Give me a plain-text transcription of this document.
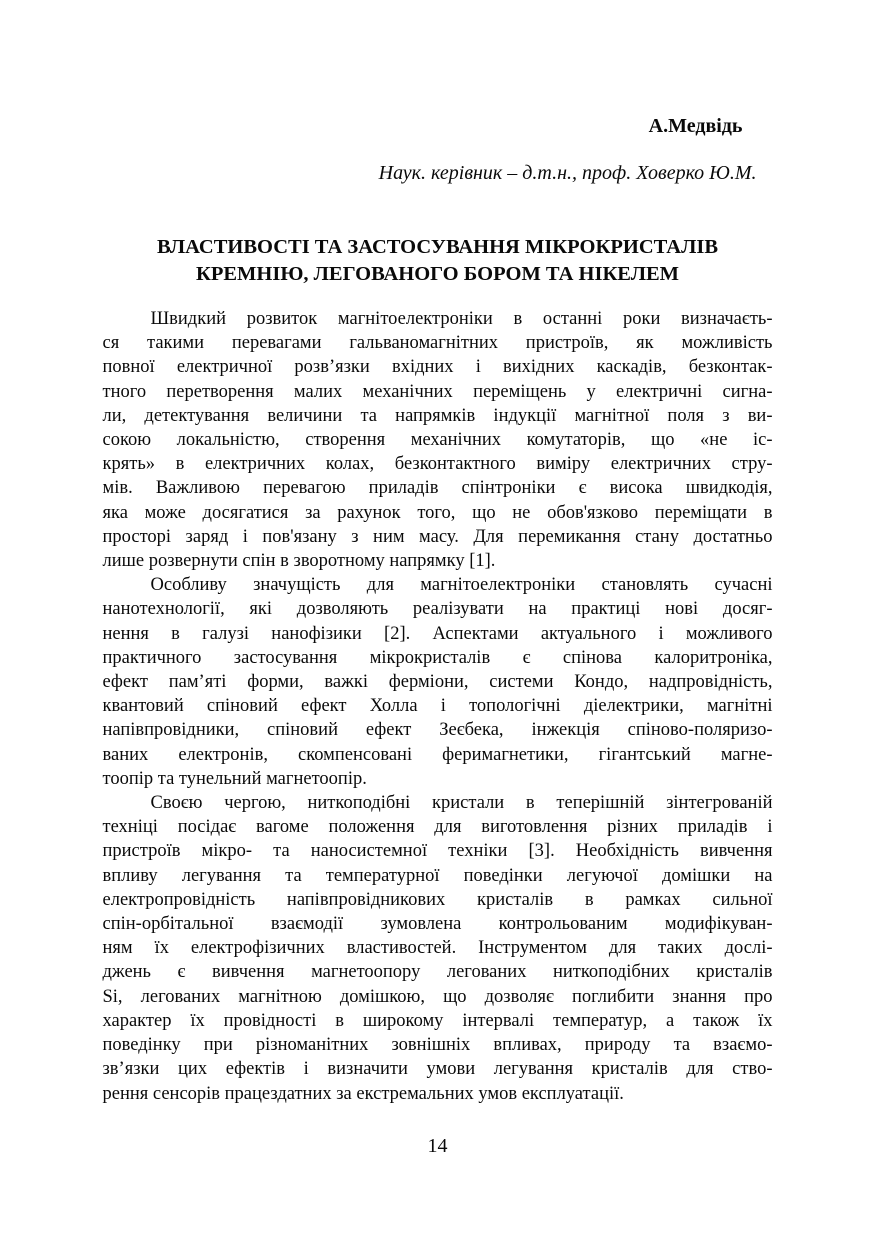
А.Медвідь
Наук. керівник – д.т.н., проф. Ховерко Ю.М.
ВЛАСТИВОСТІ ТА ЗАСТОСУВАННЯ МІКРОКРИСТАЛІВ
КРЕМНІЮ, ЛЕГОВАНОГО БОРОМ ТА НІКЕЛЕМ
Швидкий розвиток магнітоелектроніки в останні роки визначаєть-
ся такими перевагами гальваномагнітних пристроїв, як можливість
повної електричної розв’язки вхідних і вихідних каскадів, безконтак-
тного перетворення малих механічних переміщень у електричні сигна-
ли, детектування величини та напрямків індукції магнітної поля з ви-
сокою локальністю, створення механічних комутаторів, що «не іс-
крять» в електричних колах, безконтактного виміру електричних стру-
мів. Важливою перевагою приладів спінтроніки є висока швидкодія,
яка може досягатися за рахунок того, що не обов'язково переміщати в
просторі заряд і пов'язану з ним масу. Для перемикання стану достатньо
лише розвернути спін в зворотному напрямку [1].
Особливу значущість для магнітоелектроніки становлять сучасні
нанотехнології, які дозволяють реалізувати на практиці нові досяг-
нення в галузі нанофізики [2]. Аспектами актуального і можливого
практичного застосування мікрокристалів є спінова калоритроніка,
ефект пам’яті форми, важкі ферміони, системи Кондо, надпровідність,
квантовий спіновий ефект Холла і топологічні діелектрики, магнітні
напівпровідники, спіновий ефект Зеєбека, інжекція спіново-поляризо-
ваних електронів, скомпенсовані феримагнетики, гігантський магне-
тоопір та тунельний магнетоопір.
Своєю чергою, ниткоподібні кристали в теперішній зінтегрованій
техніці посідає вагоме положення для виготовлення різних приладів і
пристроїв мікро- та наносистемної техніки [3]. Необхідність вивчення
впливу легування та температурної поведінки легуючої домішки на
електропровідність напівпровідникових кристалів в рамках сильної
спін-орбітальної взаємодії зумовлена контрольованим модифікуван-
ням їх електрофізичних властивостей. Інструментом для таких дослі-
джень є вивчення магнетоопору легованих ниткоподібних кристалів
Si, легованих магнітною домішкою, що дозволяє поглибити знання про
характер їх провідності в широкому інтервалі температур, а також їх
поведінку при різноманітних зовнішніх впливах, природу та взаємо-
зв’язки цих ефектів і визначити умови легування кристалів для ство-
рення сенсорів працездатних за екстремальних умов експлуатації.
14
